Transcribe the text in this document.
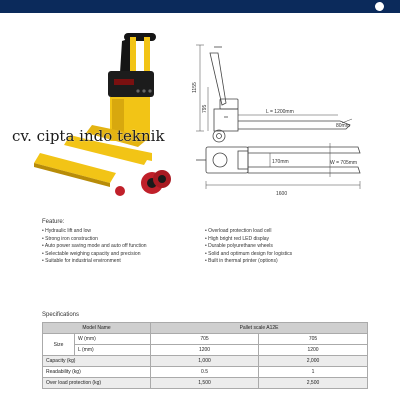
1155
795	L = 1200mm
80mm
W = 705mm
170mm
1600
cv. cipta indo teknik
Feature:
• Hydraulic lift and low
• Strong iron construction
• Auto power saving mode and auto off function
• Selectable weighing capacity and precision
• Suitable for industrial environment
• Overload protection load cell
• High bright red LED display
• Durable polyurethane wheels
• Solid and optimum design for logistics
• Built in thermal printer (options)
Specifications
Model Name		Pallet scale A12E	
Size	W (mm)	705	705
	L (mm)	1200	1200
Capacity (kg)		1,000	2,000
Readability (kg)		0.5	1
Over load protection (kg)		1,500	2,500
